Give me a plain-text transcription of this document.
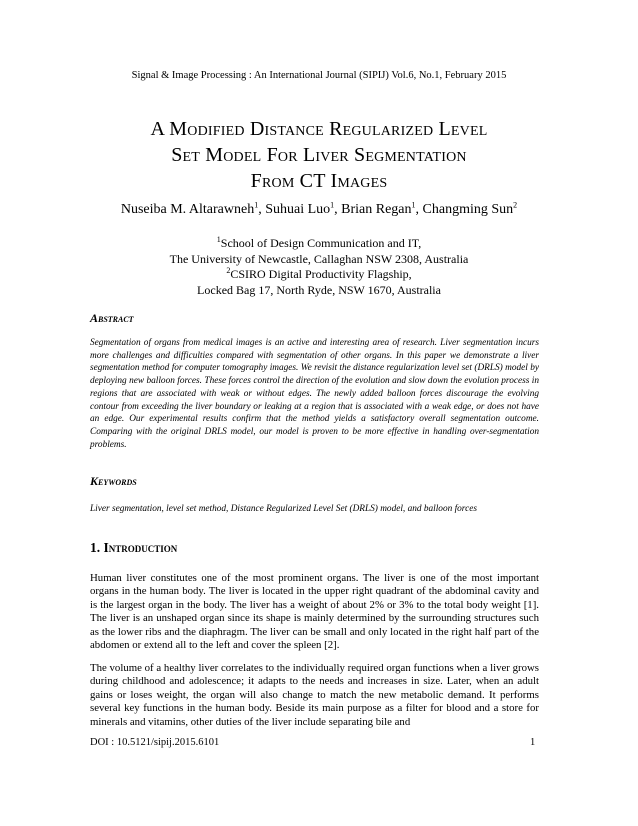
Signal & Image Processing : An International Journal (SIPIJ) Vol.6, No.1, February 2015
A Modified Distance Regularized Level
Set Model For Liver Segmentation
From CT Images
Nuseiba M. Altarawneh$^1$, Suhuai Luo$^1$, Brian Regan$^1$, Changming Sun$^2$
$^1$School of Design Communication and IT,
The University of Newcastle, Callaghan NSW 2308, Australia
$^2$CSIRO Digital Productivity Flagship,
Locked Bag 17, North Ryde, NSW 1670, Australia
Abstract
Segmentation of organs from medical images is an active and interesting area of research. Liver segmentation incurs more challenges and difficulties compared with segmentation of other organs. In this paper we demonstrate a liver segmentation method for computer tomography images. We revisit the distance regularization level set (DRLS) model by deploying new balloon forces. These forces control the direction of the evolution and slow down the evolution process in regions that are associated with weak or without edges. The newly added balloon forces discourage the evolving contour from exceeding the liver boundary or leaking at a region that is associated with a weak edge, or does not have an edge. Our experimental results confirm that the method yields a satisfactory overall segmentation outcome. Comparing with the original DRLS model, our model is proven to be more effective in handling over-segmentation problems.
Keywords
Liver segmentation, level set method, Distance Regularized Level Set (DRLS) model, and balloon forces
1. Introduction
Human liver constitutes one of the most prominent organs. The liver is one of the most important organs in the human body. The liver is located in the upper right quadrant of the abdominal cavity and is the largest organ in the body. The liver has a weight of about 2% or 3% to the total body weight [1]. The liver is an unshaped organ since its shape is mainly determined by the surrounding structures such as the lower ribs and the diaphragm. The liver can be small and only located in the right half part of the abdomen or extend all to the left and cover the spleen [2].
The volume of a healthy liver correlates to the individually required organ functions when a liver grows during childhood and adolescence; it adapts to the needs and increases in size. Later, when an adult gains or loses weight, the organ will also change to match the new metabolic demand. It performs several key functions in the human body. Beside its main purpose as a filter for blood and a store for minerals and vitamins, other duties of the liver include separating bile and
DOI : 10.5121/sipij.2015.6101	1
